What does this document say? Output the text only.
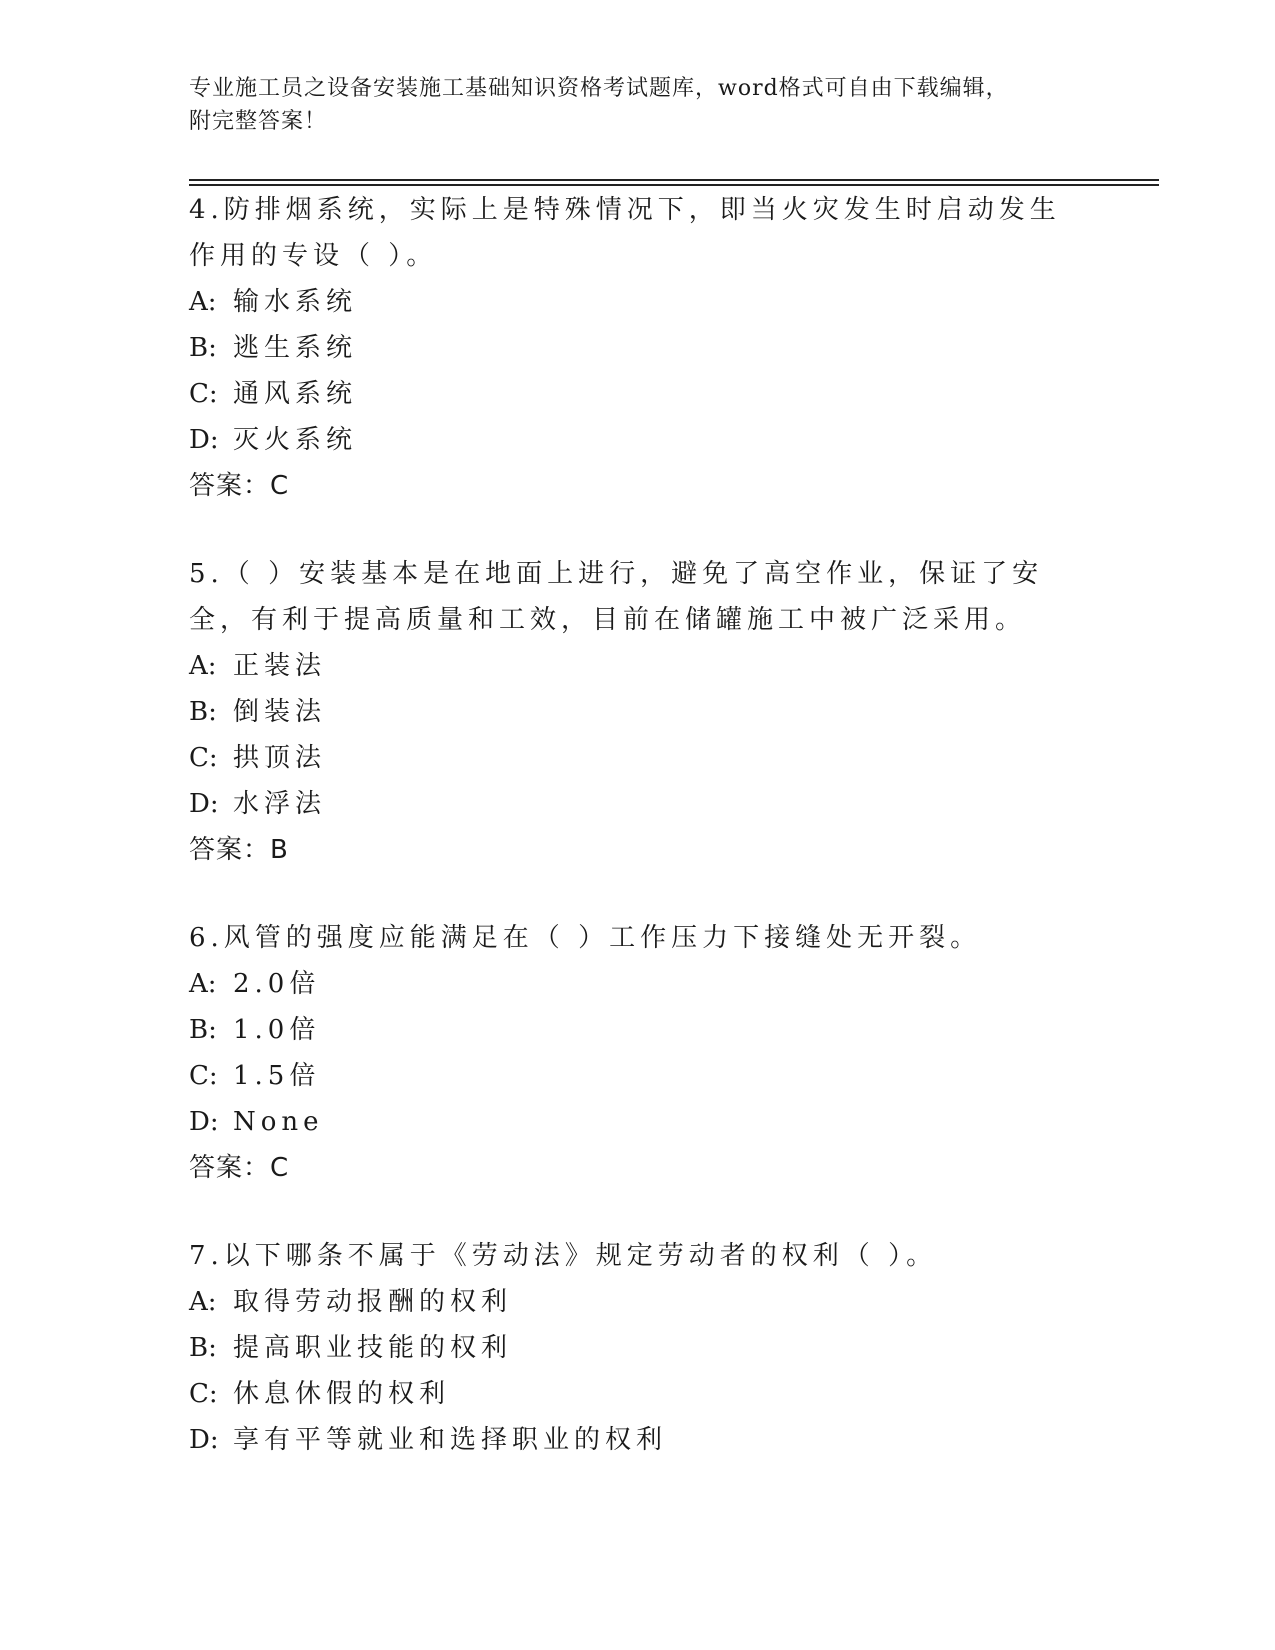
专业施工员之设备安装施工基础知识资格考试题库，word格式可自由下载编辑，
附完整答案！

4.防排烟系统，实际上是特殊情况下，即当火灾发生时启动发生作用的专设（ ）。

A: 输水系统
B: 逃生系统
C: 通风系统
D: 灭火系统
答案：C

5.（ ）安装基本是在地面上进行，避免了高空作业，保证了安全，有利于提高质量和工效，目前在储罐施工中被广泛采用。

A: 正装法
B: 倒装法
C: 拱顶法
D: 水浮法
答案：B

6.风管的强度应能满足在（ ）工作压力下接缝处无开裂。

A: 2.0倍
B: 1.0倍
C: 1.5倍
D: None
答案：C

7.以下哪条不属于《劳动法》规定劳动者的权利（ ）。

A: 取得劳动报酬的权利
B: 提高职业技能的权利
C: 休息休假的权利
D: 享有平等就业和选择职业的权利
